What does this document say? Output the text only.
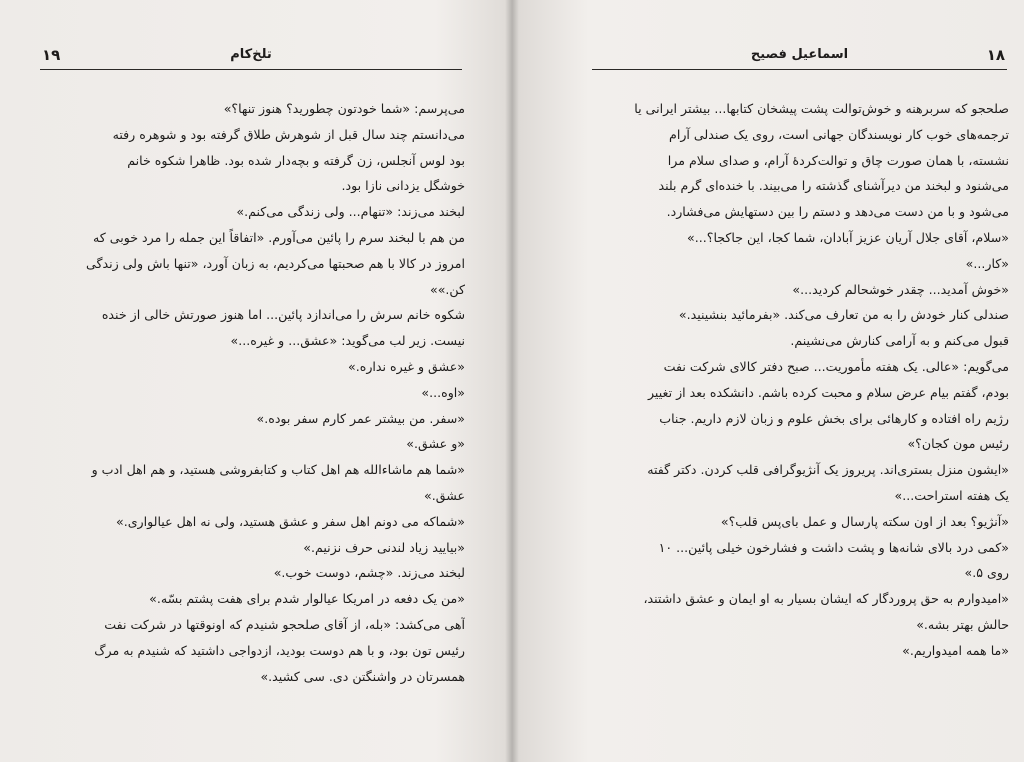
۱۹	تلخ‌کام
می‌پرسم: «شما خودتون چطورید؟ هنوز تنها؟»
می‌دانستم چند سال قبل از شوهرش طلاق گرفته بود و شوهره رفته
بود لوس آنجلس، زن گرفته و بچه‌دار شده بود. ظاهرا شکوه خانم
خوشگل یزدانی نازا بود.
لبخند می‌زند: «تنهام... ولی زندگی می‌کنم.»
من هم با لبخند سرم را پائین می‌آورم. «اتفاقاً این جمله را مرد خوبی که
امروز در کالا با هم صحبتها می‌کردیم، به زبان آورد، «تنها باش ولی زندگی
کن.»»
شکوه خانم سرش را می‌اندازد پائین... اما هنوز صورتش خالی از خنده
نیست. زیر لب می‌گوید: «عشق... و غیره...»
«عشق و غیره نداره.»
«اوه...»
«سفر. من بیشتر عمر کارم سفر بوده.»
«و عشق.»
«شما هم ماشاءالله هم اهل کتاب و کتابفروشی هستید، و هم اهل ادب و
عشق.»
«شماکه می دونم اهل سفر و عشق هستید، ولی نه اهل عیالواری.»
«بیایید زیاد لندنی حرف نزنیم.»
لبخند می‌زند. «چشم، دوست خوب.»
«من یک دفعه در امریکا عیالوار شدم برای هفت پشتم بسّه.»
آهی می‌کشد: «بله، از آقای صلحجو شنیدم که اونوقتها در شرکت نفت
رئیس تون بود، و با هم دوست بودید، ازدواجی داشتید که شنیدم به مرگ
همسرتان در واشنگتن دی. سی کشید.»
۱۸
اسماعیل فصیح
صلحجو که سربرهنه و خوش‌توالت پشت پیشخان کتابها... بیشتر ایرانی یا
ترجمه‌های خوب کار نویسندگان جهانی است، روی یک صندلی آرام
نشسته، با همان صورت چاق و توالت‌کردهٔ آرام، و صدای سلام مرا
می‌شنود و لبخند من دیرآشنای گذشته را می‌بیند. با خنده‌ای گرم بلند
می‌شود و با من دست می‌دهد و دستم را بین دستهایش می‌فشارد.
«سلام، آقای جلال آریان عزیز آبادان، شما کجا، این جاکجا؟...»
«کار...»
«خوش آمدید... چقدر خوشحالم کردید...»
صندلی کنار خودش را به من تعارف می‌کند. «بفرمائید بنشینید.»
قبول می‌کنم و به آرامی کنارش می‌نشینم.
می‌گویم: «عالی. یک هفته مأموریت... صبح دفتر کالای شرکت نفت
بودم، گفتم بیام عرض سلام و محبت کرده باشم. دانشکده بعد از تغییر
رژیم راه افتاده و کارهائی برای بخش علوم و زبان لازم داریم. جناب
رئیس مون کجان؟»
«ایشون منزل بستری‌اند. پریروز یک آنژیوگرافی قلب کردن. دکتر گفته
یک هفته استراحت...»
«آنژیو؟ بعد از اون سکته پارسال و عمل بای‌پس قلب؟»
«کمی درد بالای شانه‌ها و پشت داشت و فشارخون خیلی پائین... ۱۰
روی ۵.»
«امیدوارم به حق پروردگار که ایشان بسیار به او ایمان و عشق داشتند،
حالش بهتر بشه.»
«ما همه امیدواریم.»
